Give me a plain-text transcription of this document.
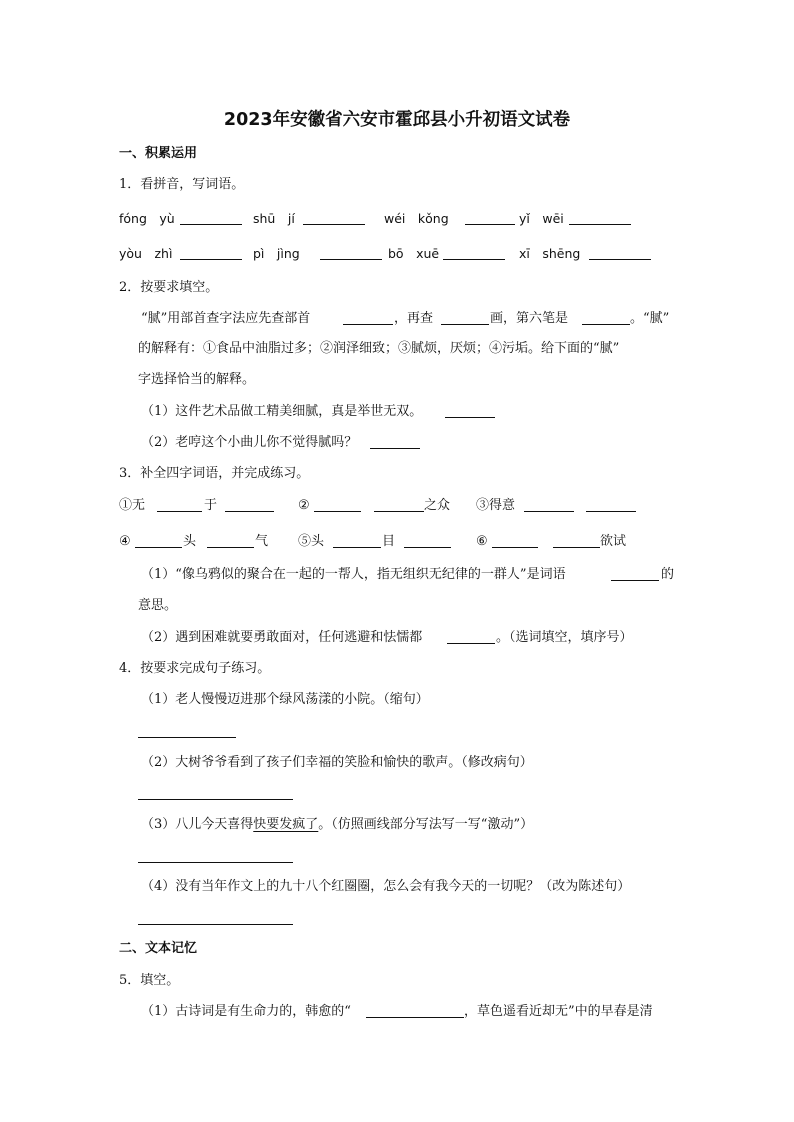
2023年安徽省六安市霍邱县小升初语文试卷
一、积累运用
1．看拼音，写词语。
fóng　yù	shū　jí	wéi　kǒng	yǐ　wēi
yòu　zhì	pì　jìng	bō　xuē	xī　shēng
2．按要求填空。
“腻”用部首查字法应先查部首	，再查	画，第六笔是	。“腻”
的解释有：①食品中油脂过多；②润泽细致；③腻烦，厌烦；④污垢。给下面的“腻”
字选择恰当的解释。
（1）这件艺术品做工精美细腻，真是举世无双。
（2）老哼这个小曲儿你不觉得腻吗？
3．补全四字词语，并完成练习。
①无	于	②	之众 ③得意
④	头	气 ⑤头	目	⑥	欲试
（1）“像乌鸦似的聚合在一起的一帮人，指无组织无纪律的一群人”是词语	的
意思。
（2）遇到困难就要勇敢面对，任何逃避和怯懦都	。（选词填空，填序号）
4．按要求完成句子练习。
（1）老人慢慢迈进那个绿风荡漾的小院。（缩句）
（2）大树爷爷看到了孩子们幸福的笑脸和愉快的歌声。（修改病句）
（3）八儿今天喜得快要发疯了。（仿照画线部分写法写一写“激动”）
（4）没有当年作文上的九十八个红圈圈，怎么会有我今天的一切呢？（改为陈述句）
二、文本记忆
5．填空。
（1）古诗词是有生命力的，韩愈的“	，草色遥看近却无”中的早春是清
